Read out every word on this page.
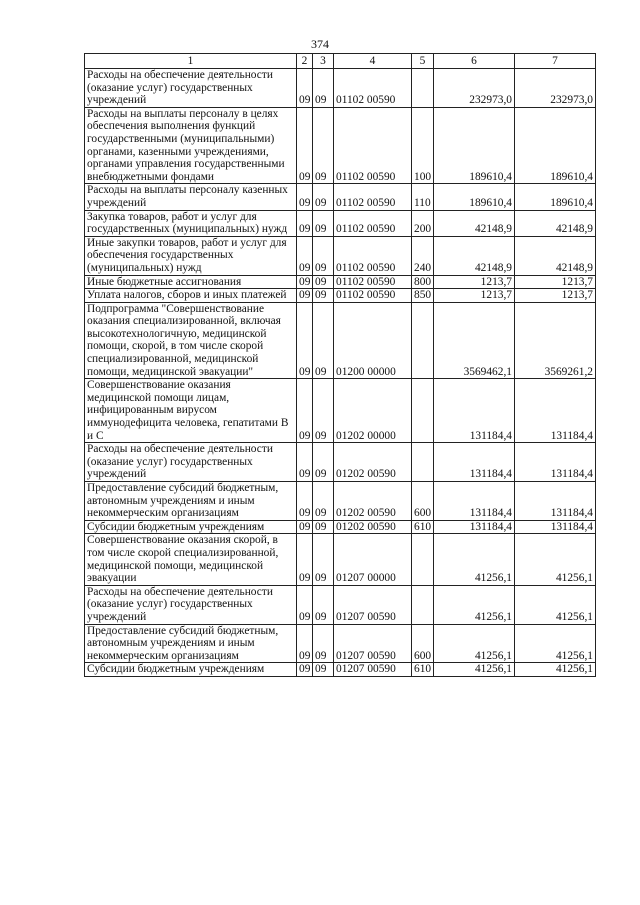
374
1	2	3	4	5	6	7
Расходы на обеспечение деятельности (оказание услуг) государственных учреждений	09	09	01102 00590		232973,0	232973,0
Расходы на выплаты персоналу в целях обеспечения выполнения функций государственными (муниципальными) органами, казенными учреждениями, органами управления государственными внебюджетными фондами	09	09	01102 00590	100	189610,4	189610,4
Расходы на выплаты персоналу казенных учреждений	09	09	01102 00590	110	189610,4	189610,4
Закупка товаров, работ и услуг для государственных (муниципальных) нужд	09	09	01102 00590	200	42148,9	42148,9
Иные закупки товаров, работ и услуг для обеспечения государственных (муниципальных) нужд	09	09	01102 00590	240	42148,9	42148,9
Иные бюджетные ассигнования	09	09	01102 00590	800	1213,7	1213,7
Уплата налогов, сборов и иных платежей	09	09	01102 00590	850	1213,7	1213,7
Подпрограмма "Совершенствование оказания специализированной, включая высокотехнологичную, медицинской помощи, скорой, в том числе скорой специализированной, медицинской помощи, медицинской эвакуации"	09	09	01200 00000		3569462,1	3569261,2
Совершенствование оказания медицинской помощи лицам, инфицированным вирусом иммунодефицита человека, гепатитами В и С	09	09	01202 00000		131184,4	131184,4
Расходы на обеспечение деятельности (оказание услуг) государственных учреждений	09	09	01202 00590		131184,4	131184,4
Предоставление субсидий бюджетным, автономным учреждениям и иным некоммерческим организациям	09	09	01202 00590	600	131184,4	131184,4
Субсидии бюджетным учреждениям	09	09	01202 00590	610	131184,4	131184,4
Совершенствование оказания скорой, в том числе скорой специализированной, медицинской помощи, медицинской эвакуации	09	09	01207 00000		41256,1	41256,1
Расходы на обеспечение деятельности (оказание услуг) государственных учреждений	09	09	01207 00590		41256,1	41256,1
Предоставление субсидий бюджетным, автономным учреждениям и иным некоммерческим организациям	09	09	01207 00590	600	41256,1	41256,1
Субсидии бюджетным учреждениям	09	09	01207 00590	610	41256,1	41256,1
